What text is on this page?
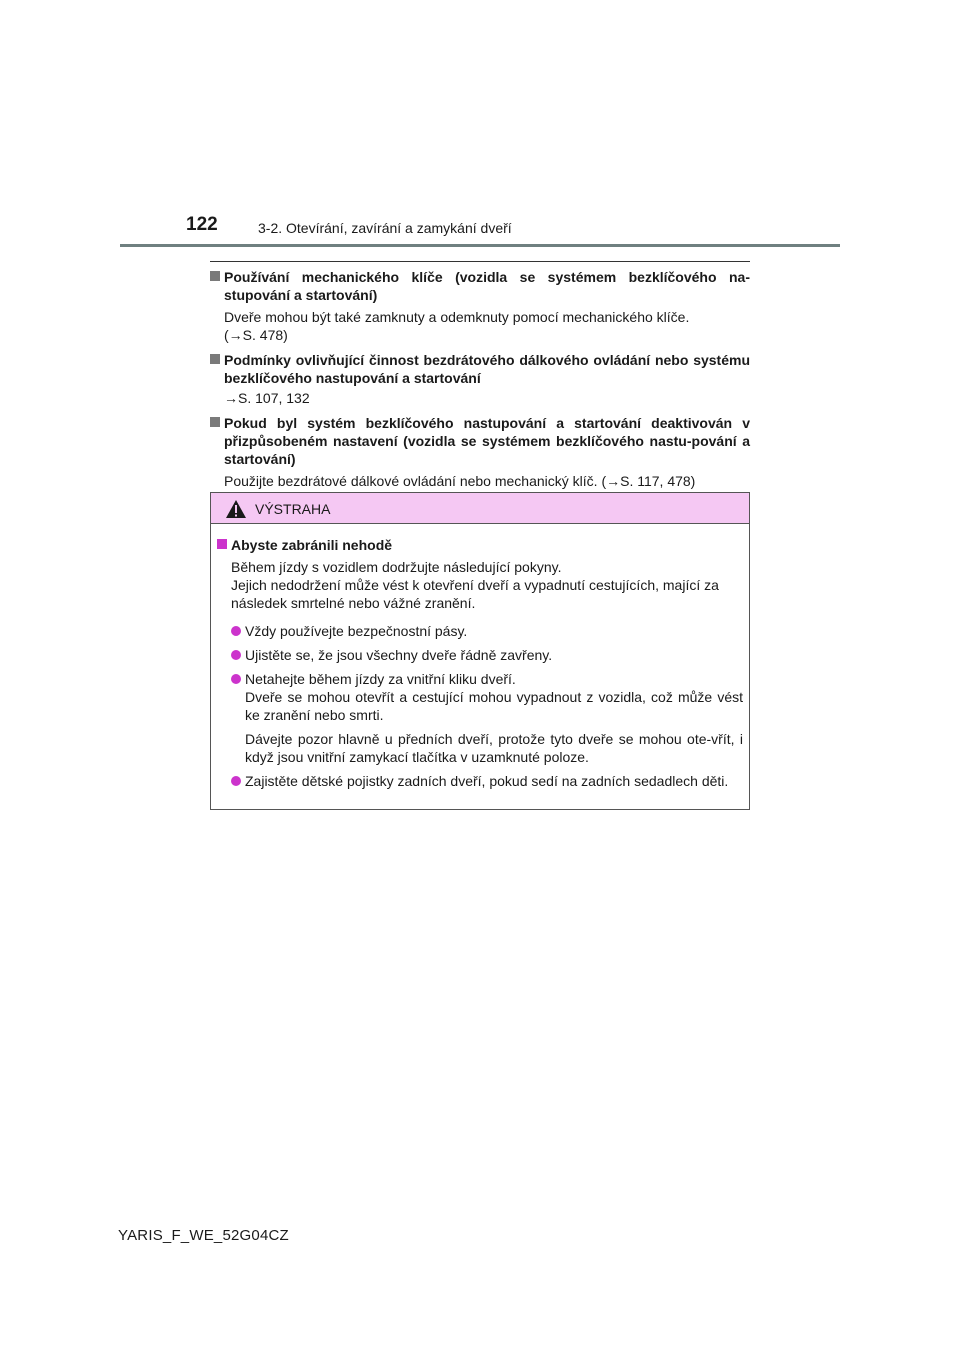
122	3-2. Otevírání, zavírání a zamykání dveří

Používání mechanického klíče (vozidla se systémem bezklíčového na-stupování a startování)

Dveře mohou být také zamknuty a odemknuty pomocí mechanického klíče.
(→S. 478)

Podmínky ovlivňující činnost bezdrátového dálkového ovládání nebo systému bezklíčového nastupování a startování

→S. 107, 132

Pokud byl systém bezklíčového nastupování a startování deaktivován v přizpůsobeném nastavení (vozidla se systémem bezklíčového nastu-pování a startování)

Použijte bezdrátové dálkové ovládání nebo mechanický klíč. (→S. 117, 478)

VÝSTRAHA

Abyste zabránili nehodě

Během jízdy s vozidlem dodržujte následující pokyny.
Jejich nedodržení může vést k otevření dveří a vypadnutí cestujících, mající za následek smrtelné nebo vážné zranění.

Vždy používejte bezpečnostní pásy.

Ujistěte se, že jsou všechny dveře řádně zavřeny.

Netahejte během jízdy za vnitřní kliku dveří.
Dveře se mohou otevřít a cestující mohou vypadnout z vozidla, což může vést ke zranění nebo smrti.

Dávejte pozor hlavně u předních dveří, protože tyto dveře se mohou ote-vřít, i když jsou vnitřní zamykací tlačítka v uzamknuté poloze.

Zajistěte dětské pojistky zadních dveří, pokud sedí na zadních sedadlech děti.

YARIS_F_WE_52G04CZ
